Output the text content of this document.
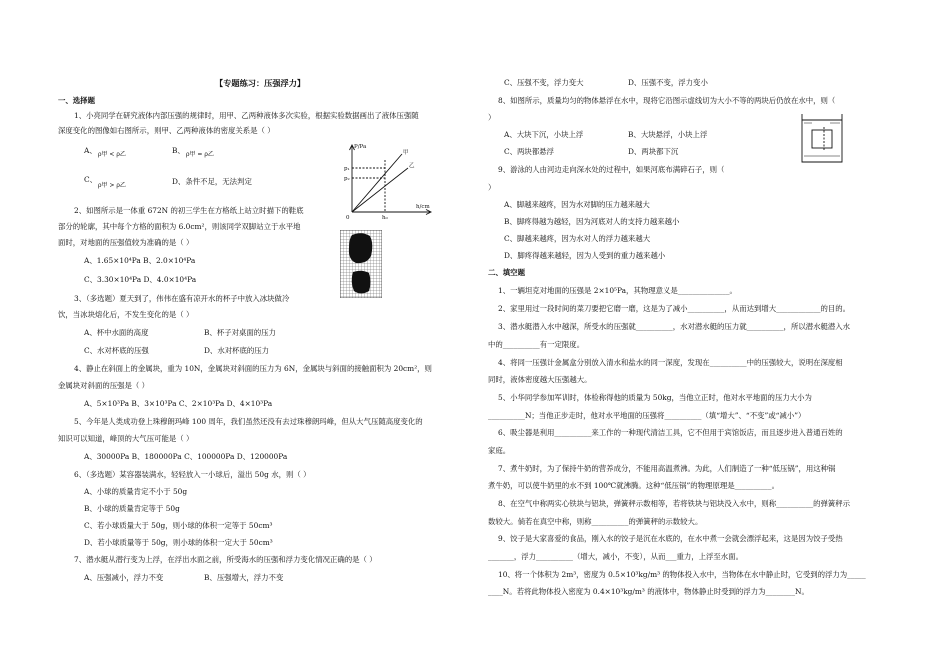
【专题练习：压强浮力】
一、选择题
1、小亮同学在研究液体内部压强的规律时，用甲、乙两种液体多次实验，根据实验数据画出了液体压强随
深度变化的图像如右图所示，则甲、乙两种液体的密度关系是（ ）
A、 ρ甲 < ρ乙	B、 ρ甲 = ρ乙
C、
ρ甲 > ρ乙	D、条件不足，无法判定
2、如图所示是一体重 672N 的初三学生在方格纸上站立时描下的鞋底
部分的轮廓，其中每个方格的面积为 6.0cm²，则该同学双脚站立于水平地
面时，对地面的压强值较为准确的是（ ）
A、1.65×10⁴Pa B、2.0×10⁴Pa
C、3.30×10⁴Pa D、4.0×10⁴Pa
3、（多选题）夏天到了，伟伟在盛有凉开水的杯子中放入冰块做冷
饮，当冰块熔化后，不发生变化的是（ ）
A、杯中水面的高度	B、杯子对桌面的压力
C、水对杯底的压强	D、水对杯底的压力
4、静止在斜面上的金属块，重为 10N，金属块对斜面的压力为 6N，金属块与斜面的接触面积为 20cm²，则
金属块对斜面的压强是（ ）
A、5×10³Pa B、3×10³Pa C、2×10³Pa D、4×10³Pa
5、今年是人类成功登上珠穆朗玛峰 100 周年，我们虽然还没有去过珠穆朗玛峰，但从大气压随高度变化的
知识可以知道，峰顶的大气压可能是（ ）
A、30000Pa B、180000Pa C、100000Pa D、120000Pa
6、（多选题）某容器装满水，轻轻放入一小球后，溢出 50g 水，则（ ）
A、小球的质量肯定不小于 50g
B、小球的质量肯定等于 50g
C、若小球质量大于 50g，则小球的体积一定等于 50cm³
D、若小球质量等于 50g，则小球的体积一定大于 50cm³
7、潜水艇从潜行变为上浮，在浮出水面之前，所受海水的压强和浮力变化情况正确的是（ ）
A、压强减小，浮力不变	B、压强增大，浮力不变
P/Pa
h/cm
0
甲
乙
p₁
p₂
h₀
C、压强不变，浮力变大	D、压强不变，浮力变小
8、如图所示，质量均匀的物体悬浮在水中，现将它沿图示虚线切为大小不等的两块后仍放在水中，则（
）
A、大块下沉，小块上浮	B、大块悬浮，小块上浮
C、两块都悬浮	D、两块都下沉
9、游泳的人由河边走向深水处的过程中，如果河底布满碎石子，则（
）
A、脚越来越疼，因为水对脚的压力越来越大
B、脚疼得越为越轻，因为河底对人的支持力越来越小
C、脚越来越疼，因为水对人的浮力越来越大
D、脚疼得越来越轻，因为人受到的重力越来越小
二、填空题
1、一辆坦克对地面的压强是 2×10⁵Pa，其物理意义是______________。
2、家里用过一段时间的菜刀要把它磨一磨，这是为了减小__________，从而达到增大____________的目的。
3、潜水艇潜入水中越深，所受水的压强就__________，水对潜水艇的压力就__________，所以潜水艇潜入水
中的__________有一定限度。
4、将同一压强计金属盒分别放入清水和盐水的同一深度，发现在__________中的压强较大，说明在深度相
同时，液体密度越大压强越大。
5、小华同学参加军训时，体检称得他的质量为 50kg，当他立正时，他对水平地面的压力大小为
__________N；当他正步走时，他对水平地面的压强将__________（填“增大”、“不变”或“减小”）
6、吸尘器是利用__________来工作的一种现代清洁工具，它不但用于宾馆饭店，而且逐步进入普通百姓的
家庭。
7、煮牛奶时，为了保持牛奶的营养成分，不能用高温煮沸。为此，人们制造了一种“低压锅”，用这种锅
煮牛奶，可以使牛奶里的水不到 100℃就沸腾。这种“低压锅”的物理原理是__________。
8、在空气中称两实心铁块与铝块，弹簧秤示数相等，若将铁块与铝块没入水中，则称__________的弹簧秤示
数较大。倘若在真空中称，则称__________的弹簧秤的示数较大。
9、饺子是大家喜爱的食品，刚入水的饺子是沉在水底的，在水中煮一会就会漂浮起来，这是因为饺子受热
_______，浮力__________（增大，减小，不变），从而___重力，上浮至水面。
10、将一个体积为 2m³，密度为 0.5×10³kg/m³ 的物体投入水中，当物体在水中静止时，它受到的浮力为_____
____N。若将此物体投入密度为 0.4×10³kg/m³ 的液体中，物体静止时受到的浮力为________N。
